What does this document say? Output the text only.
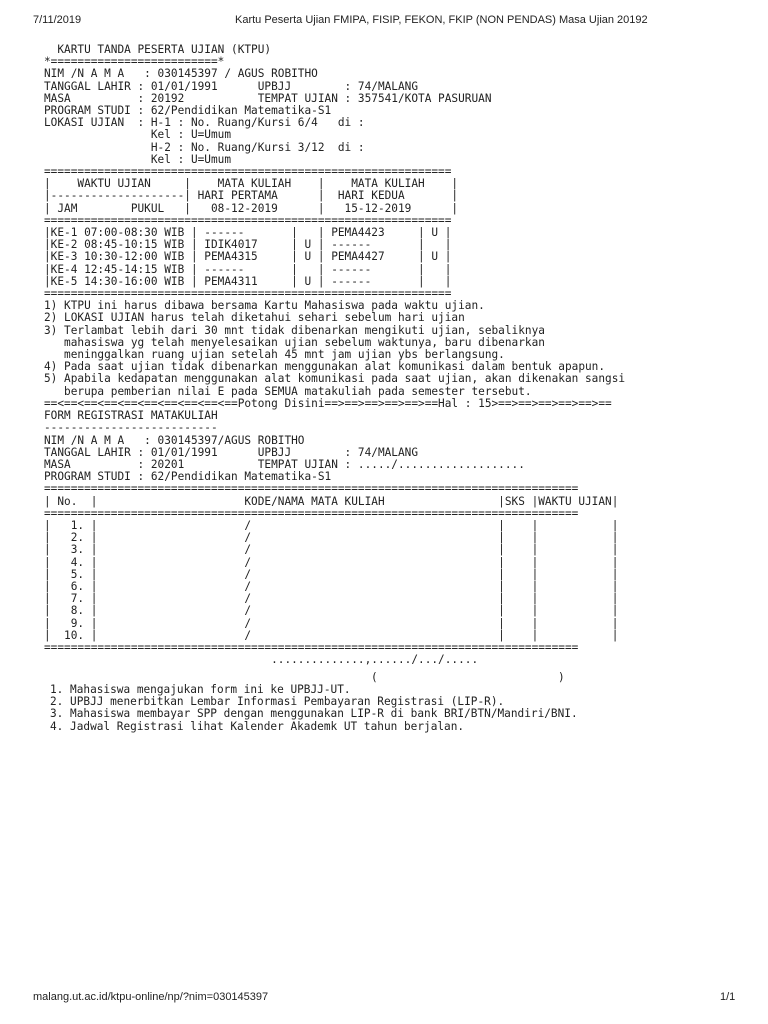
7/11/2019	Kartu Peserta Ujian FMIPA, FISIP, FEKON, FKIP (NON PENDAS) Masa Ujian 20192
KARTU TANDA PESERTA UJIAN (KTPU)
*=========================*
NIM /N A M A   : 030145397 / AGUS ROBITHO
TANGGAL LAHIR : 01/01/1991      UPBJJ        : 74/MALANG
MASA          : 20192           TEMPAT UJIAN : 357541/KOTA PASURUAN
PROGRAM STUDI : 62/Pendidikan Matematika-S1
LOKASI UJIAN  : H-1 : No. Ruang/Kursi 6/4   di :
Kel : U=Umum
H-2 : No. Ruang/Kursi 3/12  di :
Kel : U=Umum
=============================================================
|    WAKTU UJIAN     |    MATA KULIAH    |    MATA KULIAH    |
|--------------------| HARI PERTAMA      |  HARI KEDUA       |
| JAM        PUKUL   |   08-12-2019      |   15-12-2019      |
=============================================================
|KE-1 07:00-08:30 WIB | ------       |   | PEMA4423     | U |
|KE-2 08:45-10:15 WIB | IDIK4017     | U | ------       |   |
|KE-3 10:30-12:00 WIB | PEMA4315     | U | PEMA4427     | U |
|KE-4 12:45-14:15 WIB | ------       |   | ------       |   |
|KE-5 14:30-16:00 WIB | PEMA4311     | U | ------       |   |
=============================================================
1) KTPU ini harus dibawa bersama Kartu Mahasiswa pada waktu ujian.
2) LOKASI UJIAN harus telah diketahui sehari sebelum hari ujian
3) Terlambat lebih dari 30 mnt tidak dibenarkan mengikuti ujian, sebaliknya
mahasiswa yg telah menyelesaikan ujian sebelum waktunya, baru dibenarkan
meninggalkan ruang ujian setelah 45 mnt jam ujian ybs berlangsung.
4) Pada saat ujian tidak dibenarkan menggunakan alat komunikasi dalam bentuk apapun.
5) Apabila kedapatan menggunakan alat komunikasi pada saat ujian, akan dikenakan sangsi
berupa pemberian nilai E pada SEMUA matakuliah pada semester tersebut.
==<==<==<==<==<==<==<==<==<==Potong Disini==>==>==>==>==>==Hal : 15>==>==>==>==>==>==
FORM REGISTRASI MATAKULIAH
--------------------------
NIM /N A M A   : 030145397/AGUS ROBITHO
TANGGAL LAHIR : 01/01/1991      UPBJJ        : 74/MALANG
MASA          : 20201           TEMPAT UJIAN : ...../...................
PROGRAM STUDI : 62/Pendidikan Matematika-S1
================================================================================
| No.  |                      KODE/NAMA MATA KULIAH                 |SKS |WAKTU UJIAN|
================================================================================
|   1. |                      /                                     |    |           |
|   2. |                      /                                     |    |           |
|   3. |                      /                                     |    |           |
|   4. |                      /                                     |    |           |
|   5. |                      /                                     |    |           |
|   6. |                      /                                     |    |           |
|   7. |                      /                                     |    |           |
|   8. |                      /                                     |    |           |
|   9. |                      /                                     |    |           |
|  10. |                      /                                     |    |           |
================================================================================
..............,....../.../.....
(                           )
1. Mahasiswa mengajukan form ini ke UPBJJ-UT.
2. UPBJJ menerbitkan Lembar Informasi Pembayaran Registrasi (LIP-R).
3. Mahasiswa membayar SPP dengan menggunakan LIP-R di bank BRI/BTN/Mandiri/BNI.
4. Jadwal Registrasi lihat Kalender Akademk UT tahun berjalan.
malang.ut.ac.id/ktpu-online/np/?nim=030145397	1/1
